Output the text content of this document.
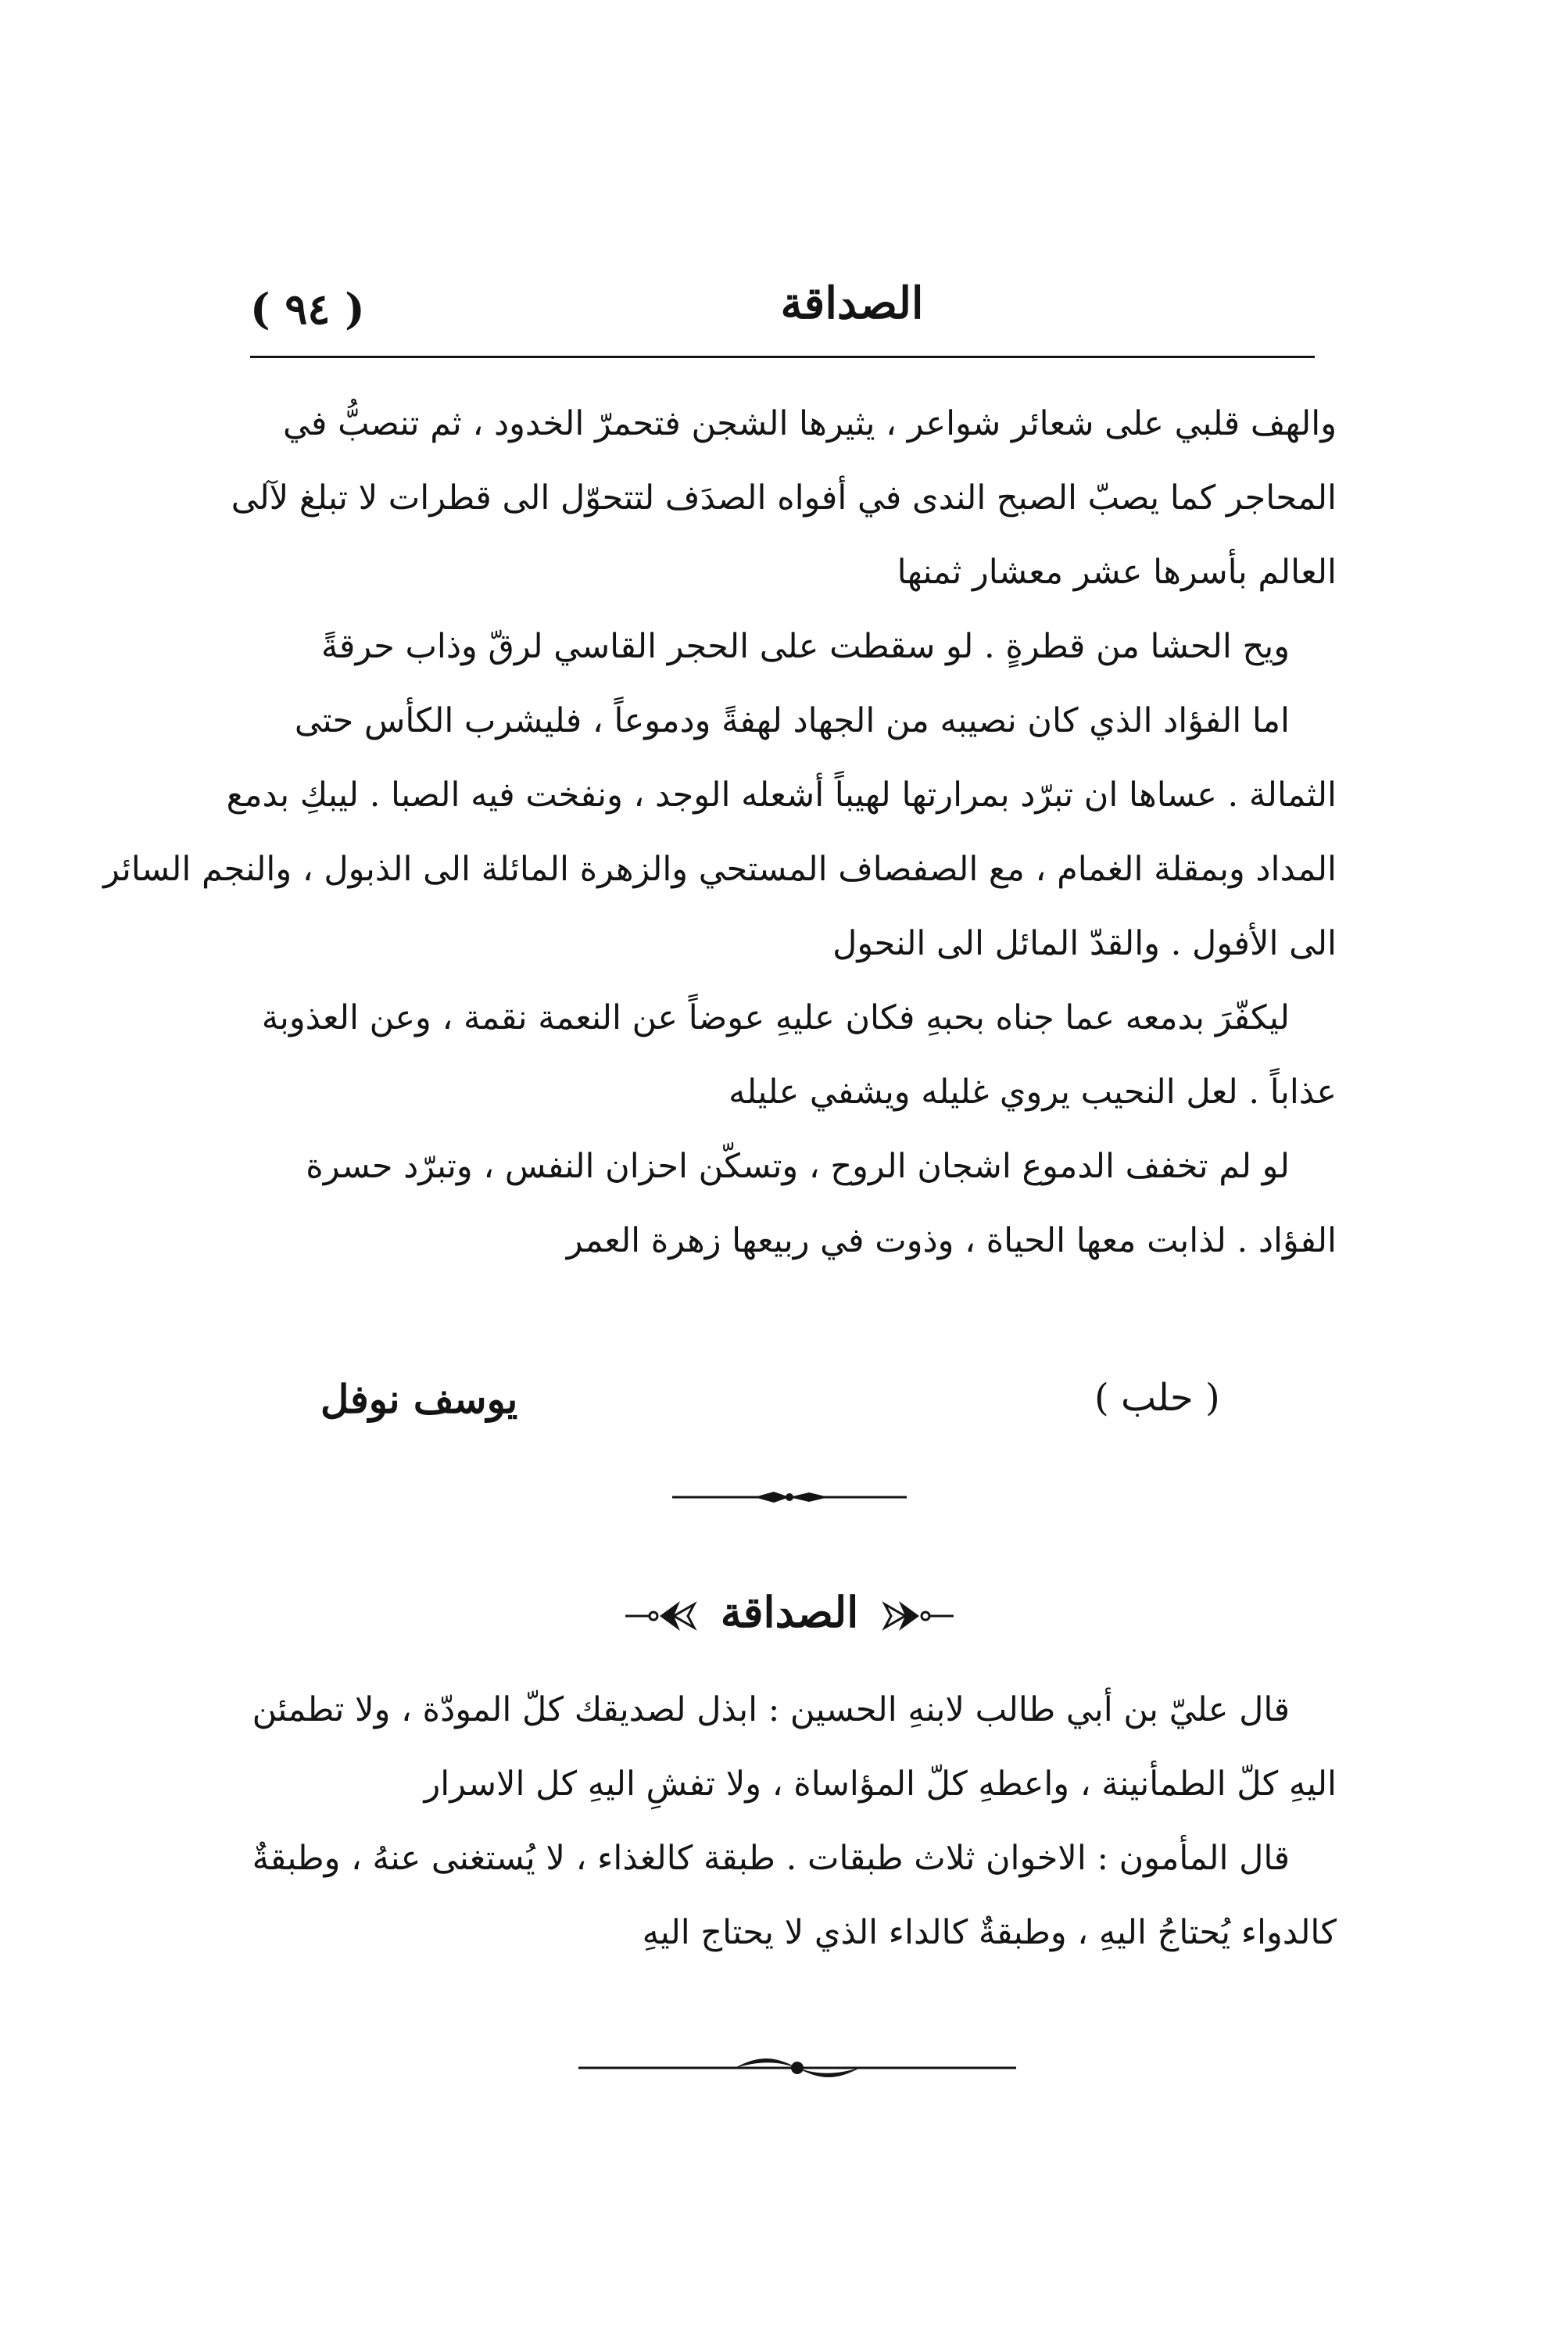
( ٩٤ )	الصداقة
والهف قلبي على شعائر شواعر ، يثيرها الشجن فتحمرّ الخدود ، ثم تنصبُّ في
المحاجر كما يصبّ الصبح الندى في أفواه الصدَف لتتحوّل الى قطرات لا تبلغ لآلى
العالم بأسرها عشر معشار ثمنها
ويح الحشا من قطرةٍ . لو سقطت على الحجر القاسي لرقّ وذاب حرقةً
اما الفؤاد الذي كان نصيبه من الجهاد لهفةً ودموعاً ، فليشرب الكأس حتى
الثمالة . عساها ان تبرّد بمرارتها لهيباً أشعله الوجد ، ونفخت فيه الصبا . ليبكِ بدمع
المداد وبمقلة الغمام ، مع الصفصاف المستحي والزهرة المائلة الى الذبول ، والنجم السائر
الى الأفول . والقدّ المائل الى النحول
ليكفّرَ بدمعه عما جناه بحبهِ فكان عليهِ عوضاً عن النعمة نقمة ، وعن العذوبة
عذاباً . لعل النحيب يروي غليله ويشفي عليله
لو لم تخفف الدموع اشجان الروح ، وتسكّن احزان النفس ، وتبرّد حسرة
الفؤاد . لذابت معها الحياة ، وذوت في ربيعها زهرة العمر
يوسف نوفل	( حلب )
الصداقة
قال عليّ بن أبي طالب لابنهِ الحسين : ابذل لصديقك كلّ المودّة ، ولا تطمئن
اليهِ كلّ الطمأنينة ، واعطهِ كلّ المؤاساة ، ولا تفشِ اليهِ كل الاسرار
قال المأمون : الاخوان ثلاث طبقات . طبقة كالغذاء ، لا يُستغنى عنهُ ، وطبقةٌ
كالدواء يُحتاجُ اليهِ ، وطبقةٌ كالداء الذي لا يحتاج اليهِ
